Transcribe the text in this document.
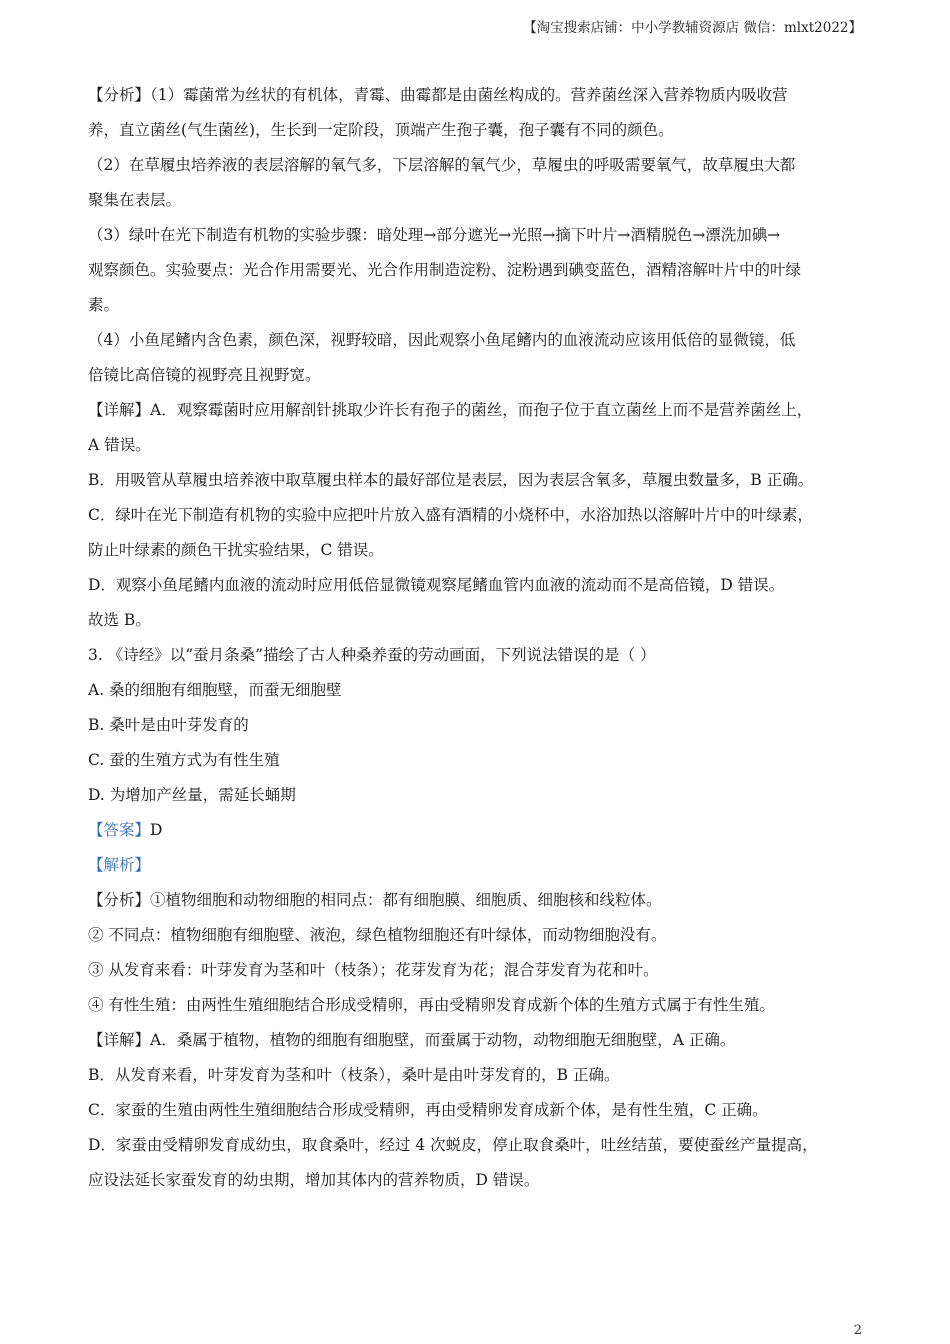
【淘宝搜索店铺：中小学教辅资源店 微信：mlxt2022】

【分析】（1）霉菌常为丝状的有机体，青霉、曲霉都是由菌丝构成的。营养菌丝深入营养物质内吸收营

养，直立菌丝(气生菌丝)，生长到一定阶段，顶端产生孢子囊，孢子囊有不同的颜色。

（2）在草履虫培养液的表层溶解的氧气多，下层溶解的氧气少，草履虫的呼吸需要氧气，故草履虫大都

聚集在表层。

（3）绿叶在光下制造有机物的实验步骤：暗处理→部分遮光→光照→摘下叶片→酒精脱色→漂洗加碘→

观察颜色。实验要点：光合作用需要光、光合作用制造淀粉、淀粉遇到碘变蓝色，酒精溶解叶片中的叶绿

素。

（4）小鱼尾鳍内含色素，颜色深，视野较暗，因此观察小鱼尾鳍内的血液流动应该用低倍的显微镜，低

倍镜比高倍镜的视野亮且视野宽。

【详解】A．观察霉菌时应用解剖针挑取少许长有孢子的菌丝，而孢子位于直立菌丝上而不是营养菌丝上，

A 错误。

B．用吸管从草履虫培养液中取草履虫样本的最好部位是表层，因为表层含氧多，草履虫数量多，B 正确。

C．绿叶在光下制造有机物的实验中应把叶片放入盛有酒精的小烧杯中，水浴加热以溶解叶片中的叶绿素，

防止叶绿素的颜色干扰实验结果，C 错误。

D．观察小鱼尾鳍内血液的流动时应用低倍显微镜观察尾鳍血管内血液的流动而不是高倍镜，D 错误。

故选 B。

3. 《诗经》以“蚕月条桑”描绘了古人种桑养蚕的劳动画面，下列说法错误的是（ ）

A. 桑的细胞有细胞壁，而蚕无细胞壁

B. 桑叶是由叶芽发育的

C. 蚕的生殖方式为有性生殖

D. 为增加产丝量，需延长蛹期

【答案】D

【解析】

【分析】①植物细胞和动物细胞的相同点：都有细胞膜、细胞质、细胞核和线粒体。

② 不同点：植物细胞有细胞壁、液泡，绿色植物细胞还有叶绿体，而动物细胞没有。

③ 从发育来看：叶芽发育为茎和叶（枝条）；花芽发育为花；混合芽发育为花和叶。

④ 有性生殖：由两性生殖细胞结合形成受精卵，再由受精卵发育成新个体的生殖方式属于有性生殖。

【详解】A．桑属于植物，植物的细胞有细胞壁，而蚕属于动物，动物细胞无细胞壁，A 正确。

B．从发育来看，叶芽发育为茎和叶（枝条），桑叶是由叶芽发育的，B 正确。

C．家蚕的生殖由两性生殖细胞结合形成受精卵，再由受精卵发育成新个体，是有性生殖，C 正确。

D．家蚕由受精卵发育成幼虫，取食桑叶，经过 4 次蜕皮，停止取食桑叶，吐丝结茧，要使蚕丝产量提高，

应设法延长家蚕发育的幼虫期，增加其体内的营养物质，D 错误。

2
